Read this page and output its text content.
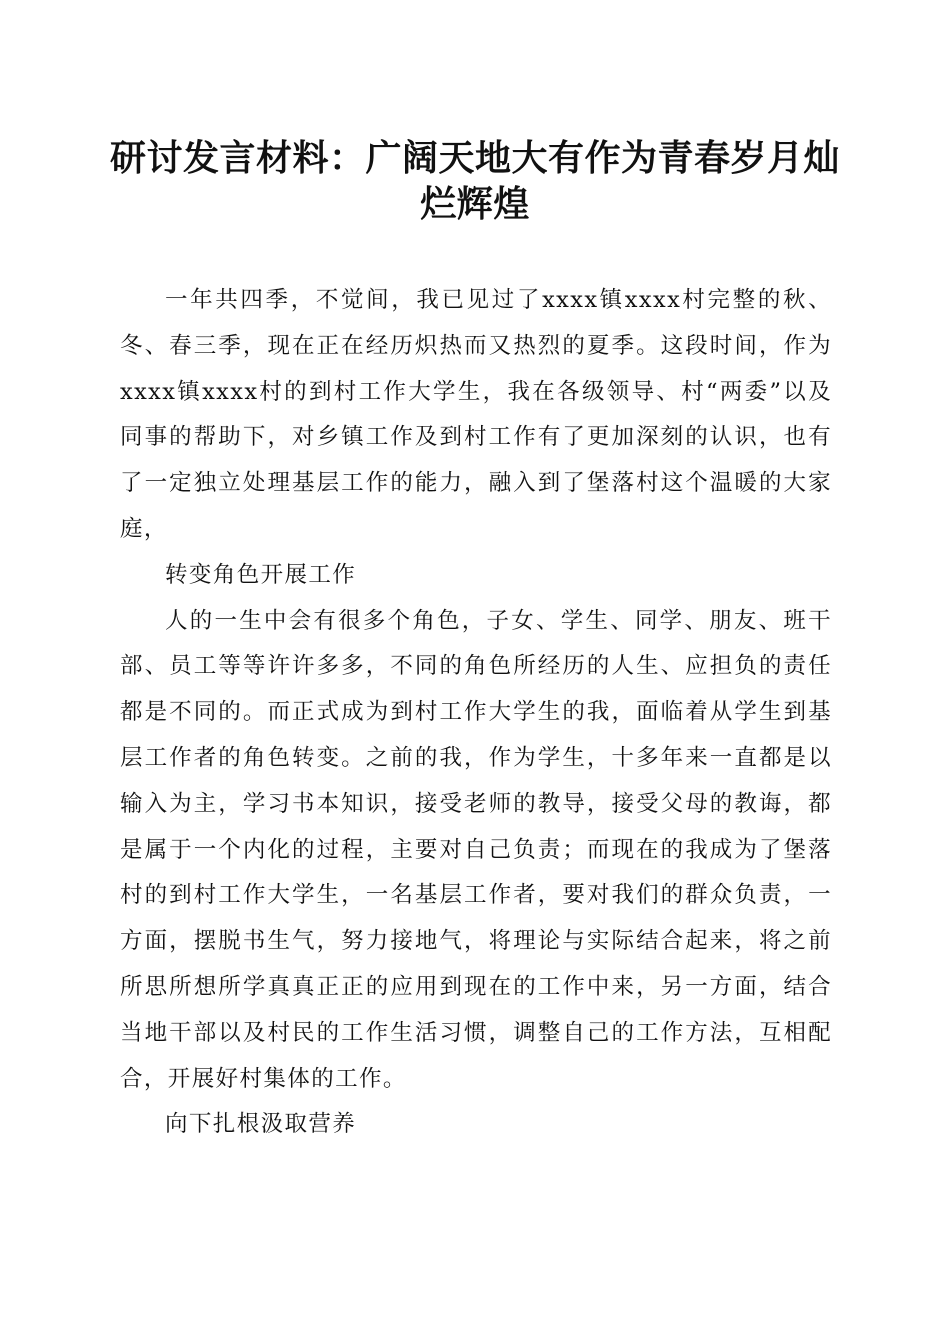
研讨发言材料：广阔天地大有作为青春岁月灿烂辉煌

一年共四季，不觉间，我已见过了xxxx镇xxxx村完整的秋、冬、春三季，现在正在经历炽热而又热烈的夏季。这段时间，作为xxxx镇xxxx村的到村工作大学生，我在各级领导、村“两委”以及同事的帮助下，对乡镇工作及到村工作有了更加深刻的认识，也有了一定独立处理基层工作的能力，融入到了堡落村这个温暖的大家庭，

转变角色开展工作

人的一生中会有很多个角色，子女、学生、同学、朋友、班干部、员工等等许许多多，不同的角色所经历的人生、应担负的责任都是不同的。而正式成为到村工作大学生的我，面临着从学生到基层工作者的角色转变。之前的我，作为学生，十多年来一直都是以输入为主，学习书本知识，接受老师的教导，接受父母的教诲，都是属于一个内化的过程，主要对自己负责；而现在的我成为了堡落村的到村工作大学生，一名基层工作者，要对我们的群众负责，一方面，摆脱书生气，努力接地气，将理论与实际结合起来，将之前所思所想所学真真正正的应用到现在的工作中来，另一方面，结合当地干部以及村民的工作生活习惯，调整自己的工作方法，互相配合，开展好村集体的工作。

向下扎根汲取营养
